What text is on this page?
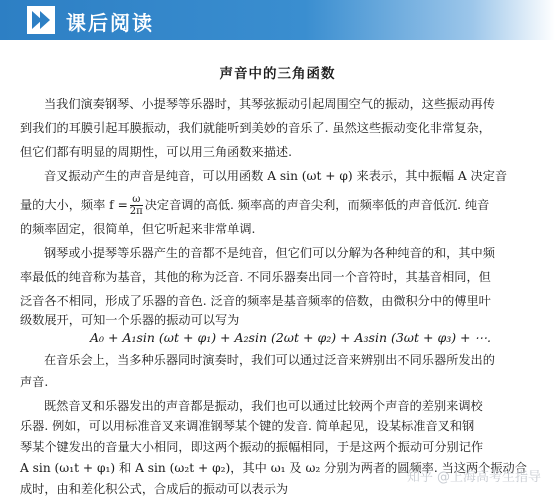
课后阅读
声音中的三角函数
当我们演奏钢琴、小提琴等乐器时，其琴弦振动引起周围空气的振动，这些振动再传
到我们的耳膜引起耳膜振动，我们就能听到美妙的音乐了. 虽然这些振动变化非常复杂，
但它们都有明显的周期性，可以用三角函数来描述.
音叉振动产生的声音是纯音，可以用函数 A sin (ωt + φ) 来表示，其中振幅 A 决定音
量的大小，频率 $f = \frac{\omega}{2\pi}$ 决定音调的高低. 频率高的声音尖利，而频率低的声音低沉. 纯音
的频率固定，很简单，但它听起来非常单调.
钢琴或小提琴等乐器产生的音都不是纯音，但它们可以分解为各种纯音的和，其中频
率最低的纯音称为基音，其他的称为泛音. 不同乐器奏出同一个音符时，其基音相同，但
泛音各不相同，形成了乐器的音色. 泛音的频率是基音频率的倍数，由微积分中的傅里叶
级数展开，可知一个乐器的振动可以写为
A₀ + A₁sin (ωt + φ₁) + A₂sin (2ωt + φ₂) + A₃sin (3ωt + φ₃) + ⋯.
在音乐会上，当多种乐器同时演奏时，我们可以通过泛音来辨别出不同乐器所发出的
声音.
既然音叉和乐器发出的声音都是振动，我们也可以通过比较两个声音的差别来调校
乐器. 例如，可以用标准音叉来调准钢琴某个键的发音. 简单起见，设某标准音叉和钢
琴某个键发出的音量大小相同，即这两个振动的振幅相同，于是这两个振动可分别记作
A sin (ω₁t + φ₁) 和 A sin (ω₂t + φ₂)，其中 ω₁ 及 ω₂ 分别为两者的圆频率. 当这两个振动合
成时，由和差化积公式，合成后的振动可以表示为
知乎 @上海高考生指导
